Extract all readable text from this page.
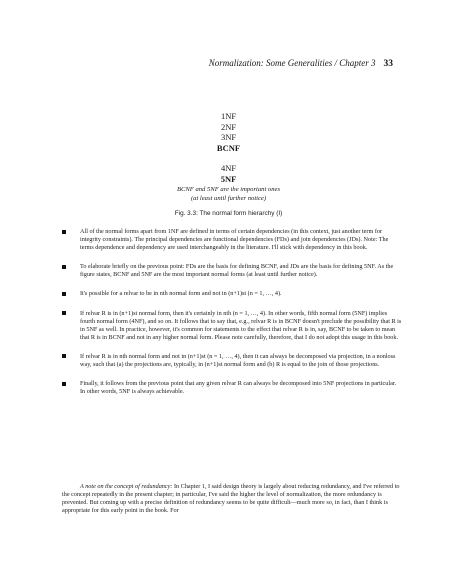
Normalization: Some Generalities / Chapter 3 33
1NF
2NF
3NF
BCNF
4NF
5NF
BCNF and 5NF are the important ones
(at least until further notice)
Fig. 3.3: The normal form hierarchy (I)
All of the normal forms apart from 1NF are defined in terms of certain dependencies (in this context, just another term for integrity constraints). The principal dependencies are functional dependencies (FDs) and join dependencies (JDs). Note: The terms dependence and dependency are used interchangeably in the literature. I'll stick with dependency in this book.
To elaborate briefly on the previous point: FDs are the basis for defining BCNF, and JDs are the basis for defining 5NF. As the figure states, BCNF and 5NF are the most important normal forms (at least until further notice).
It's possible for a relvar to be in nth normal form and not in (n+1)st (n = 1, …, 4).
If relvar R is in (n+1)st normal form, then it's certainly in nth (n = 1, …, 4). In other words, fifth normal form (5NF) implies fourth normal form (4NF), and so on. It follows that to say that, e.g., relvar R is in BCNF doesn't preclude the possibility that R is in 5NF as well. In practice, however, it's common for statements to the effect that relvar R is in, say, BCNF to be taken to mean that R is in BCNF and not in any higher normal form. Please note carefully, therefore, that I do not adopt this usage in this book.
If relvar R is in nth normal form and not in (n+1)st (n = 1, …, 4), then it can always be decomposed via projection, in a nonloss way, such that (a) the projections are, typically, in (n+1)st normal form and (b) R is equal to the join of those projections.
Finally, it follows from the previous point that any given relvar R can always be decomposed into 5NF projections in particular. In other words, 5NF is always achievable.
A note on the concept of redundancy: In Chapter 1, I said design theory is largely about reducing redundancy, and I've referred to the concept repeatedly in the present chapter; in particular, I've said the higher the level of normalization, the more redundancy is prevented. But coming up with a precise definition of redundancy seems to be quite difficult—much more so, in fact, than I think is appropriate for this early point in the book. For
